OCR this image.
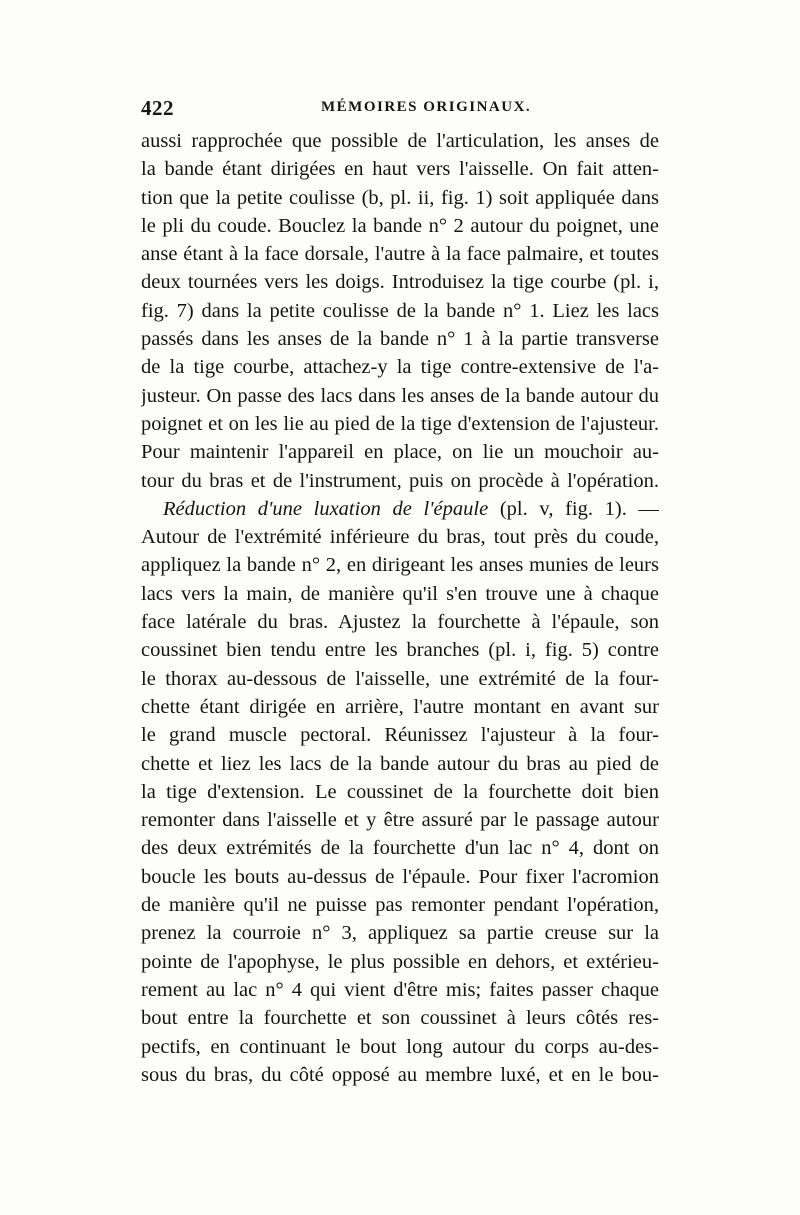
422	MÉMOIRES ORIGINAUX.
aussi rapprochée que possible de l'articulation, les anses de
la bande étant dirigées en haut vers l'aisselle. On fait atten-
tion que la petite coulisse (b, pl. ii, fig. 1) soit appliquée dans
le pli du coude. Bouclez la bande n° 2 autour du poignet, une
anse étant à la face dorsale, l'autre à la face palmaire, et toutes
deux tournées vers les doigs. Introduisez la tige courbe (pl. i,
fig. 7) dans la petite coulisse de la bande n° 1. Liez les lacs
passés dans les anses de la bande n° 1 à la partie transverse
de la tige courbe, attachez-y la tige contre-extensive de l'a-
justeur. On passe des lacs dans les anses de la bande autour du
poignet et on les lie au pied de la tige d'extension de l'ajusteur.
Pour maintenir l'appareil en place, on lie un mouchoir au-
tour du bras et de l'instrument, puis on procède à l'opération.
Réduction d'une luxation de l'épaule (pl. v, fig. 1). —
Autour de l'extrémité inférieure du bras, tout près du coude,
appliquez la bande n° 2, en dirigeant les anses munies de leurs
lacs vers la main, de manière qu'il s'en trouve une à chaque
face latérale du bras. Ajustez la fourchette à l'épaule, son
coussinet bien tendu entre les branches (pl. i, fig. 5) contre
le thorax au-dessous de l'aisselle, une extrémité de la four-
chette étant dirigée en arrière, l'autre montant en avant sur
le grand muscle pectoral. Réunissez l'ajusteur à la four-
chette et liez les lacs de la bande autour du bras au pied de
la tige d'extension. Le coussinet de la fourchette doit bien
remonter dans l'aisselle et y être assuré par le passage autour
des deux extrémités de la fourchette d'un lac n° 4, dont on
boucle les bouts au-dessus de l'épaule. Pour fixer l'acromion
de manière qu'il ne puisse pas remonter pendant l'opération,
prenez la courroie n° 3, appliquez sa partie creuse sur la
pointe de l'apophyse, le plus possible en dehors, et extérieu-
rement au lac n° 4 qui vient d'être mis; faites passer chaque
bout entre la fourchette et son coussinet à leurs côtés res-
pectifs, en continuant le bout long autour du corps au-des-
sous du bras, du côté opposé au membre luxé, et en le bou-
